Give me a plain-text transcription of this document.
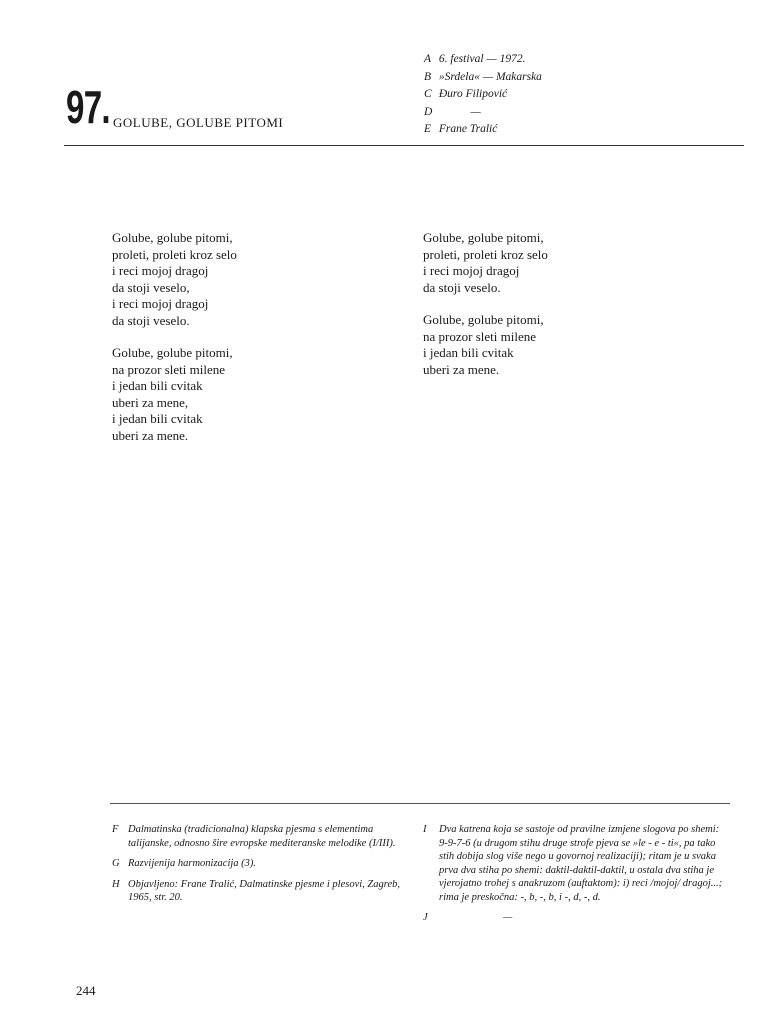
97. GOLUBE, GOLUBE PITOMI
A 6. festival — 1972.
B »Srdela« — Makarska
C Đuro Filipović
D            —
E Frane Tralić
Golube, golube pitomi,
proleti, proleti kroz selo
i reci mojoj dragoj
da stoji veselo,
i reci mojoj dragoj
da stoji veselo.
Golube, golube pitomi,
na prozor sleti milene
i jedan bili cvitak
uberi za mene,
i jedan bili cvitak
uberi za mene.
Golube, golube pitomi,
proleti, proleti kroz selo
i reci mojoj dragoj
da stoji veselo.
Golube, golube pitomi,
na prozor sleti milene
i jedan bili cvitak
uberi za mene.
F Dalmatinska (tradicionalna) klapska pjesma s elementima talijanske, odnosno šire evropske mediteranske melodike (I/III).
G Razvijenija harmonizacija (3).
H Objavljeno: Frane Tralić, Dalmatinske pjesme i plesovi, Zagreb, 1965, str. 20.
I	Dva katrena koja se sastoje od pravilne izmjene slogova po shemi: 9-9-7-6 (u drugom stihu druge strofe pjeva se »le - e - ti«, pa tako stih dobija slog više nego u govornoj realizaciji); ritam je u svaka prva dva stiha po shemi: daktil-daktil-daktil, u ostala dva stiha je vjerojatno trohej s anakruzom (auftaktom): i) reci /mojoj/ dragoj...; rima je preskočna: -, b, -, b, i -, d, -, d.
J	—
244
